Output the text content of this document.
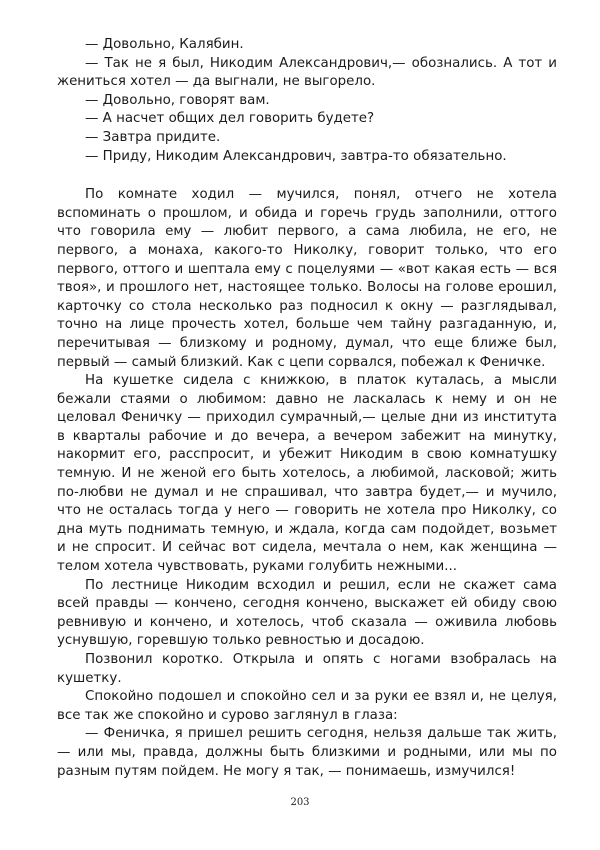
— Довольно, Калябин.

— Так не я был, Никодим Александрович,— обознались. А тот и жениться хотел — да выгнали, не выгорело.

— Довольно, говорят вам.

— А насчет общих дел говорить будете?

— Завтра придите.

— Приду, Никодим Александрович, завтра-то обязательно.

По комнате ходил — мучился, понял, отчего не хотела вспоминать о прошлом, и обида и горечь грудь заполнили, оттого что говорила ему — любит первого, а сама любила, не его, не первого, а монаха, какого-то Николку, говорит только, что его первого, оттого и шептала ему с поцелуями — «вот какая есть — вся твоя», и прошлого нет, настоящее только. Волосы на голове ерошил, карточку со стола несколько раз подносил к окну — разглядывал, точно на лице прочесть хотел, больше чем тайну разгаданную, и, перечитывая — близкому и родному, думал, что еще ближе был, первый — самый близкий. Как с цепи сорвался, побежал к Феничке.

На кушетке сидела с книжкою, в платок куталась, а мысли бежали стаями о любимом: давно не ласкалась к нему и он не целовал Феничку — приходил сумрачный,— целые дни из института в кварталы рабочие и до вечера, а вечером забежит на минутку, накормит его, расспросит, и убежит Никодим в свою комнатушку темную. И не женой его быть хотелось, а любимой, ласковой; жить по-любви не думал и не спрашивал, что завтра будет,— и мучило, что не осталась тогда у него — говорить не хотела про Николку, со дна муть поднимать темную, и ждала, когда сам подойдет, возьмет и не спросит. И сейчас вот сидела, мечтала о нем, как женщина — телом хотела чувствовать, руками голубить нежными...

По лестнице Никодим всходил и решил, если не скажет сама всей правды — кончено, сегодня кончено, выскажет ей обиду свою ревнивую и кончено, и хотелось, чтоб сказала — оживила любовь уснувшую, горевшую только ревностью и досадою.

Позвонил коротко. Открыла и опять с ногами взобралась на кушетку.

Спокойно подошел и спокойно сел и за руки ее взял и, не целуя, все так же спокойно и сурово заглянул в глаза:

— Феничка, я пришел решить сегодня, нельзя дальше так жить,— или мы, правда, должны быть близкими и родными, или мы по разным путям пойдем. Не могу я так, — понимаешь, измучился!

203
